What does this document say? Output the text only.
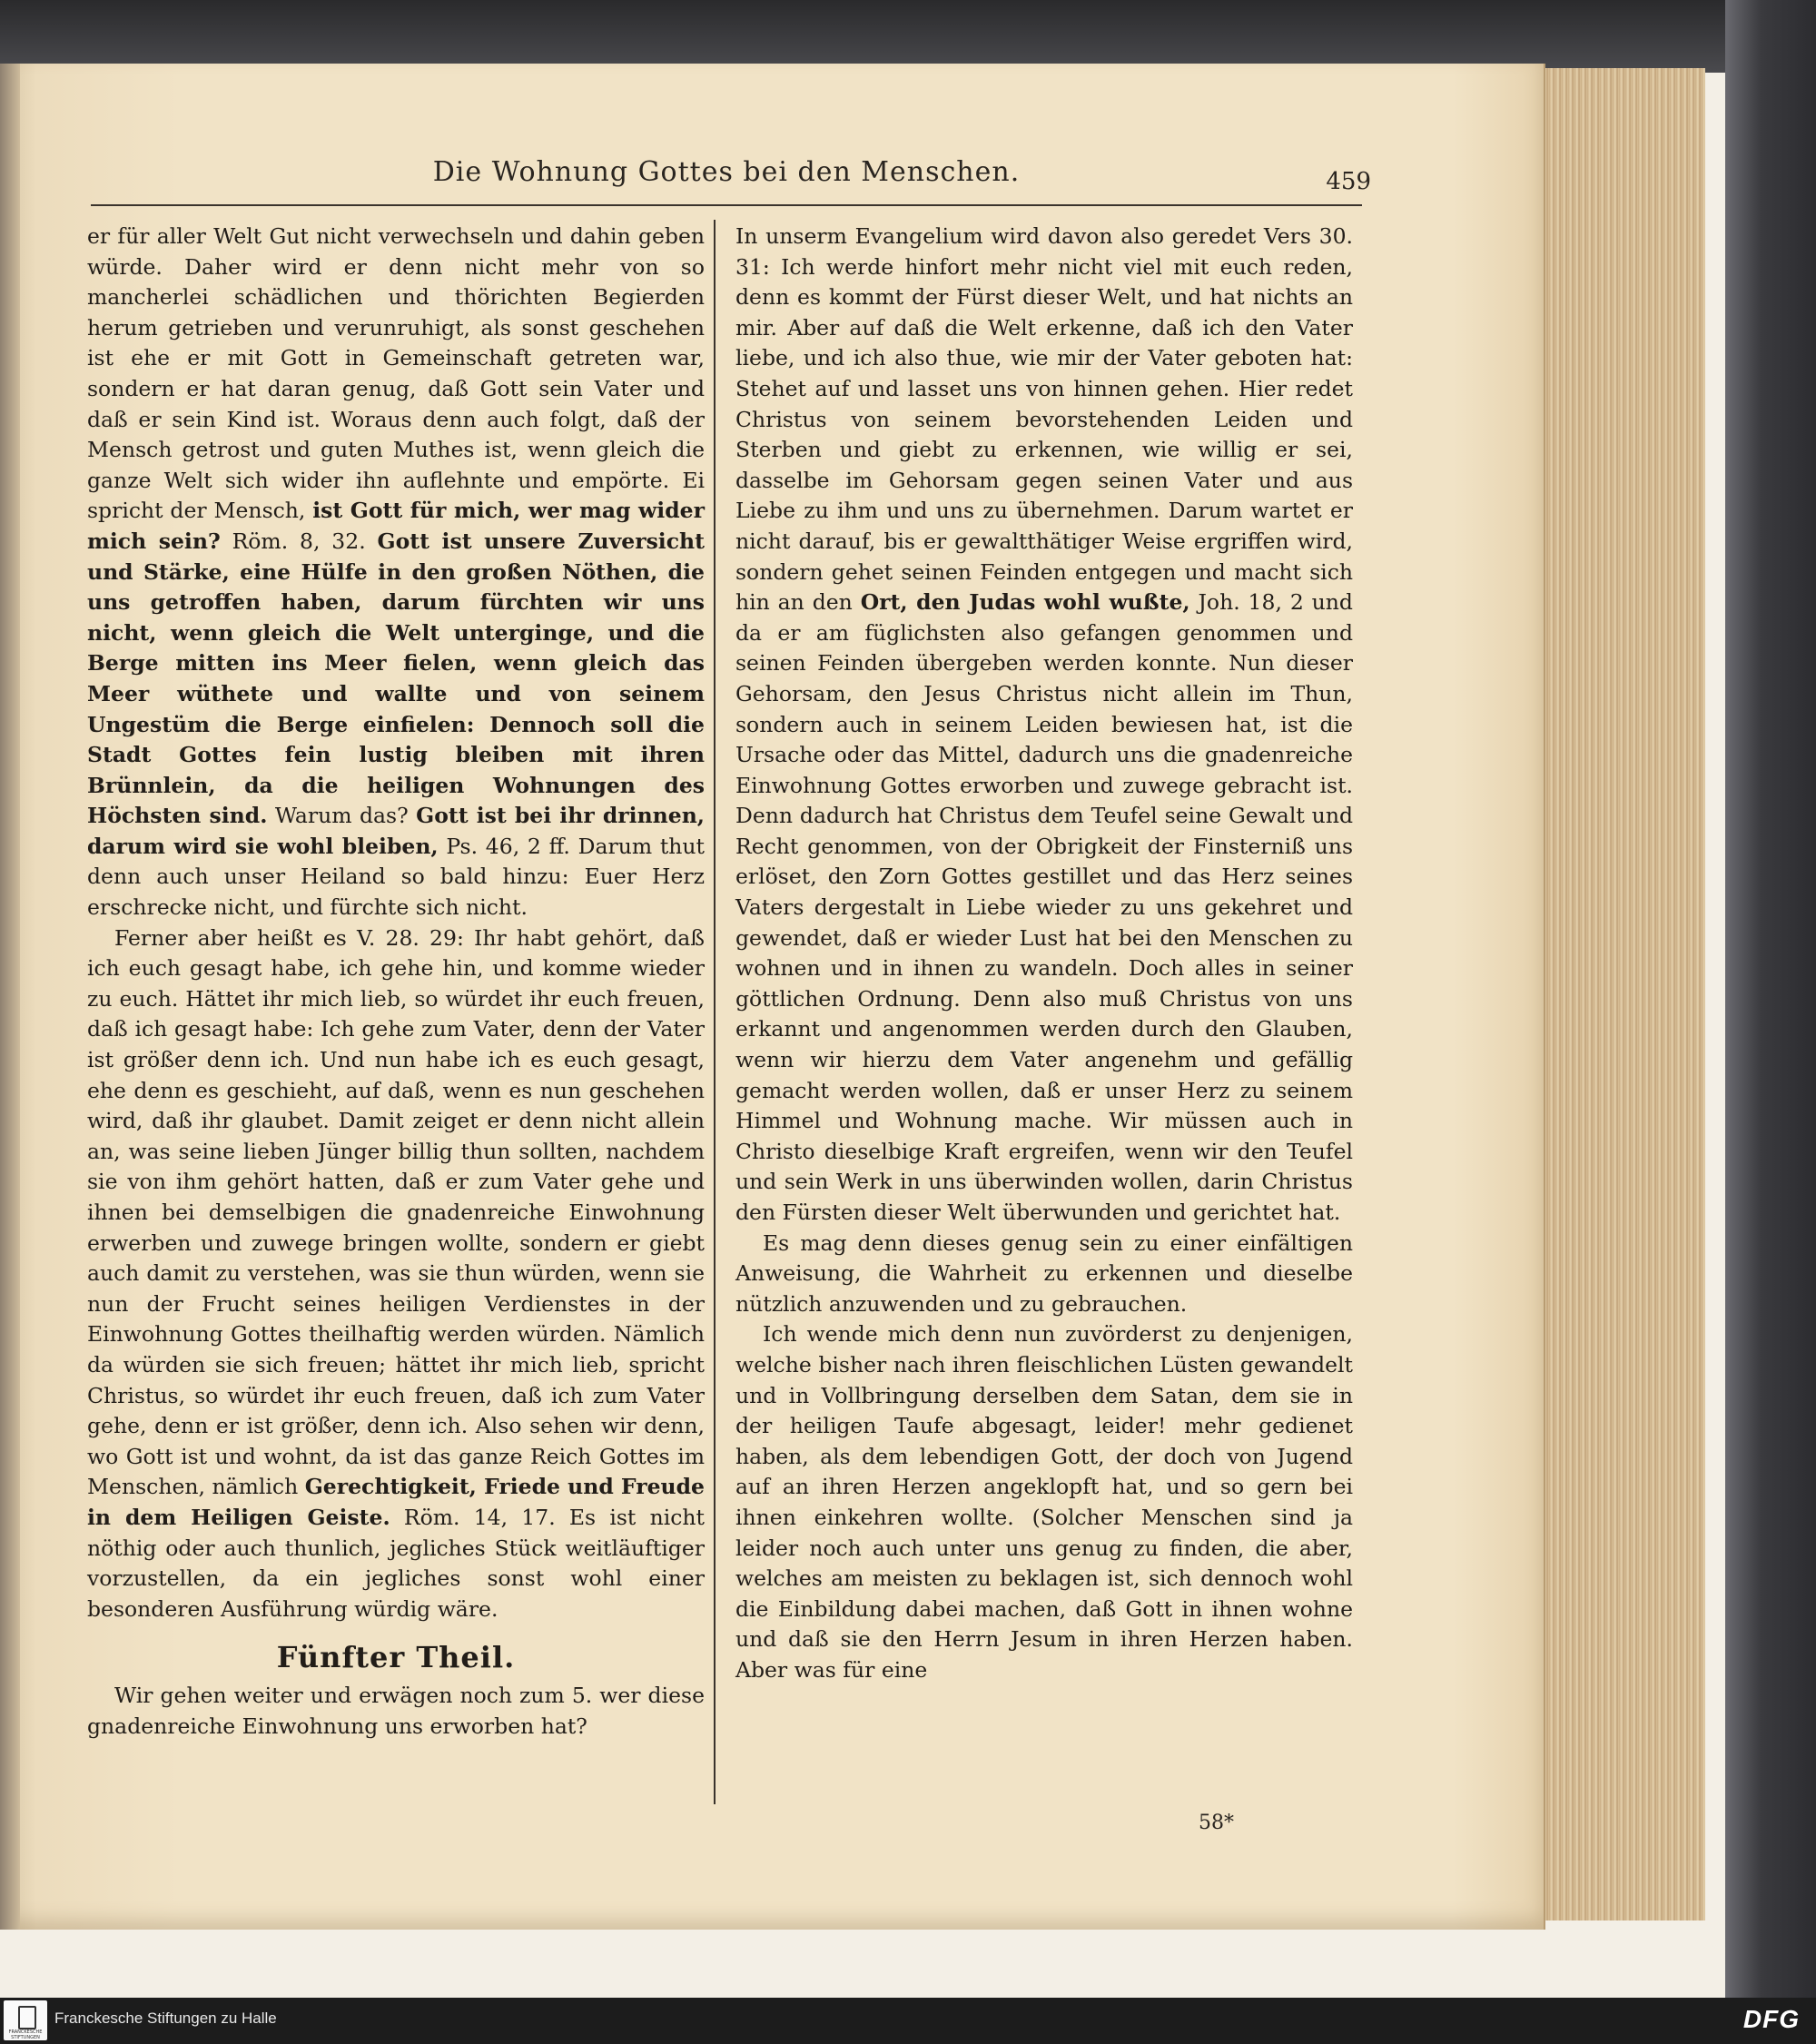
Die Wohnung Gottes bei den Menschen.	459

er für aller Welt Gut nicht verwechseln und dahin geben würde. Daher wird er denn nicht mehr von so mancherlei schädlichen und thörichten Begierden herum getrieben und verunruhigt, als sonst geschehen ist ehe er mit Gott in Gemeinschaft getreten war, sondern er hat daran genug, daß Gott sein Vater und daß er sein Kind ist. Woraus denn auch folgt, daß der Mensch getrost und guten Muthes ist, wenn gleich die ganze Welt sich wider ihn auflehnte und empörte. Ei spricht der Mensch, ist Gott für mich, wer mag wider mich sein? Röm. 8, 32. Gott ist unsere Zuversicht und Stärke, eine Hülfe in den großen Nöthen, die uns getroffen haben, darum fürchten wir uns nicht, wenn gleich die Welt unterginge, und die Berge mitten ins Meer fielen, wenn gleich das Meer wüthete und wallte und von seinem Ungestüm die Berge einfielen: Dennoch soll die Stadt Gottes fein lustig bleiben mit ihren Brünnlein, da die heiligen Wohnungen des Höchsten sind. Warum das? Gott ist bei ihr drinnen, darum wird sie wohl bleiben, Ps. 46, 2 ff. Darum thut denn auch unser Heiland so bald hinzu: Euer Herz erschrecke nicht, und fürchte sich nicht.

Ferner aber heißt es V. 28. 29: Ihr habt gehört, daß ich euch gesagt habe, ich gehe hin, und komme wieder zu euch. Hättet ihr mich lieb, so würdet ihr euch freuen, daß ich gesagt habe: Ich gehe zum Vater, denn der Vater ist größer denn ich. Und nun habe ich es euch gesagt, ehe denn es geschieht, auf daß, wenn es nun geschehen wird, daß ihr glaubet. Damit zeiget er denn nicht allein an, was seine lieben Jünger billig thun sollten, nachdem sie von ihm gehört hatten, daß er zum Vater gehe und ihnen bei demselbigen die gnadenreiche Einwohnung erwerben und zuwege bringen wollte, sondern er giebt auch damit zu verstehen, was sie thun würden, wenn sie nun der Frucht seines heiligen Verdienstes in der Einwohnung Gottes theilhaftig werden würden. Nämlich da würden sie sich freuen; hättet ihr mich lieb, spricht Christus, so würdet ihr euch freuen, daß ich zum Vater gehe, denn er ist größer, denn ich. Also sehen wir denn, wo Gott ist und wohnt, da ist das ganze Reich Gottes im Menschen, nämlich Gerechtigkeit, Friede und Freude in dem Heiligen Geiste. Röm. 14, 17. Es ist nicht nöthig oder auch thunlich, jegliches Stück weitläuftiger vorzustellen, da ein jegliches sonst wohl einer besonderen Ausführung würdig wäre.

Fünfter Theil.

Wir gehen weiter und erwägen noch zum 5. wer diese gnadenreiche Einwohnung uns erworben hat?

In unserm Evangelium wird davon also geredet Vers 30. 31: Ich werde hinfort mehr nicht viel mit euch reden, denn es kommt der Fürst dieser Welt, und hat nichts an mir. Aber auf daß die Welt erkenne, daß ich den Vater liebe, und ich also thue, wie mir der Vater geboten hat: Stehet auf und lasset uns von hinnen gehen. Hier redet Christus von seinem bevorstehenden Leiden und Sterben und giebt zu erkennen, wie willig er sei, dasselbe im Gehorsam gegen seinen Vater und aus Liebe zu ihm und uns zu übernehmen. Darum wartet er nicht darauf, bis er gewaltthätiger Weise ergriffen wird, sondern gehet seinen Feinden entgegen und macht sich hin an den Ort, den Judas wohl wußte, Joh. 18, 2 und da er am füglichsten also gefangen genommen und seinen Feinden übergeben werden konnte. Nun dieser Gehorsam, den Jesus Christus nicht allein im Thun, sondern auch in seinem Leiden bewiesen hat, ist die Ursache oder das Mittel, dadurch uns die gnadenreiche Einwohnung Gottes erworben und zuwege gebracht ist. Denn dadurch hat Christus dem Teufel seine Gewalt und Recht genommen, von der Obrigkeit der Finsterniß uns erlöset, den Zorn Gottes gestillet und das Herz seines Vaters dergestalt in Liebe wieder zu uns gekehret und gewendet, daß er wieder Lust hat bei den Menschen zu wohnen und in ihnen zu wandeln. Doch alles in seiner göttlichen Ordnung. Denn also muß Christus von uns erkannt und angenommen werden durch den Glauben, wenn wir hierzu dem Vater angenehm und gefällig gemacht werden wollen, daß er unser Herz zu seinem Himmel und Wohnung mache. Wir müssen auch in Christo dieselbige Kraft ergreifen, wenn wir den Teufel und sein Werk in uns überwinden wollen, darin Christus den Fürsten dieser Welt überwunden und gerichtet hat.

Es mag denn dieses genug sein zu einer einfältigen Anweisung, die Wahrheit zu erkennen und dieselbe nützlich anzuwenden und zu gebrauchen.

Ich wende mich denn nun zuvörderst zu denjenigen, welche bisher nach ihren fleischlichen Lüsten gewandelt und in Vollbringung derselben dem Satan, dem sie in der heiligen Taufe abgesagt, leider! mehr gedienet haben, als dem lebendigen Gott, der doch von Jugend auf an ihren Herzen angeklopft hat, und so gern bei ihnen einkehren wollte. (Solcher Menschen sind ja leider noch auch unter uns genug zu finden, die aber, welches am meisten zu beklagen ist, sich dennoch wohl die Einbildung dabei machen, daß Gott in ihnen wohne und daß sie den Herrn Jesum in ihren Herzen haben. Aber was für eine

58*
FRANCKESCHE STIFTUNGEN
Franckesche Stiftungen zu Halle	DFG
